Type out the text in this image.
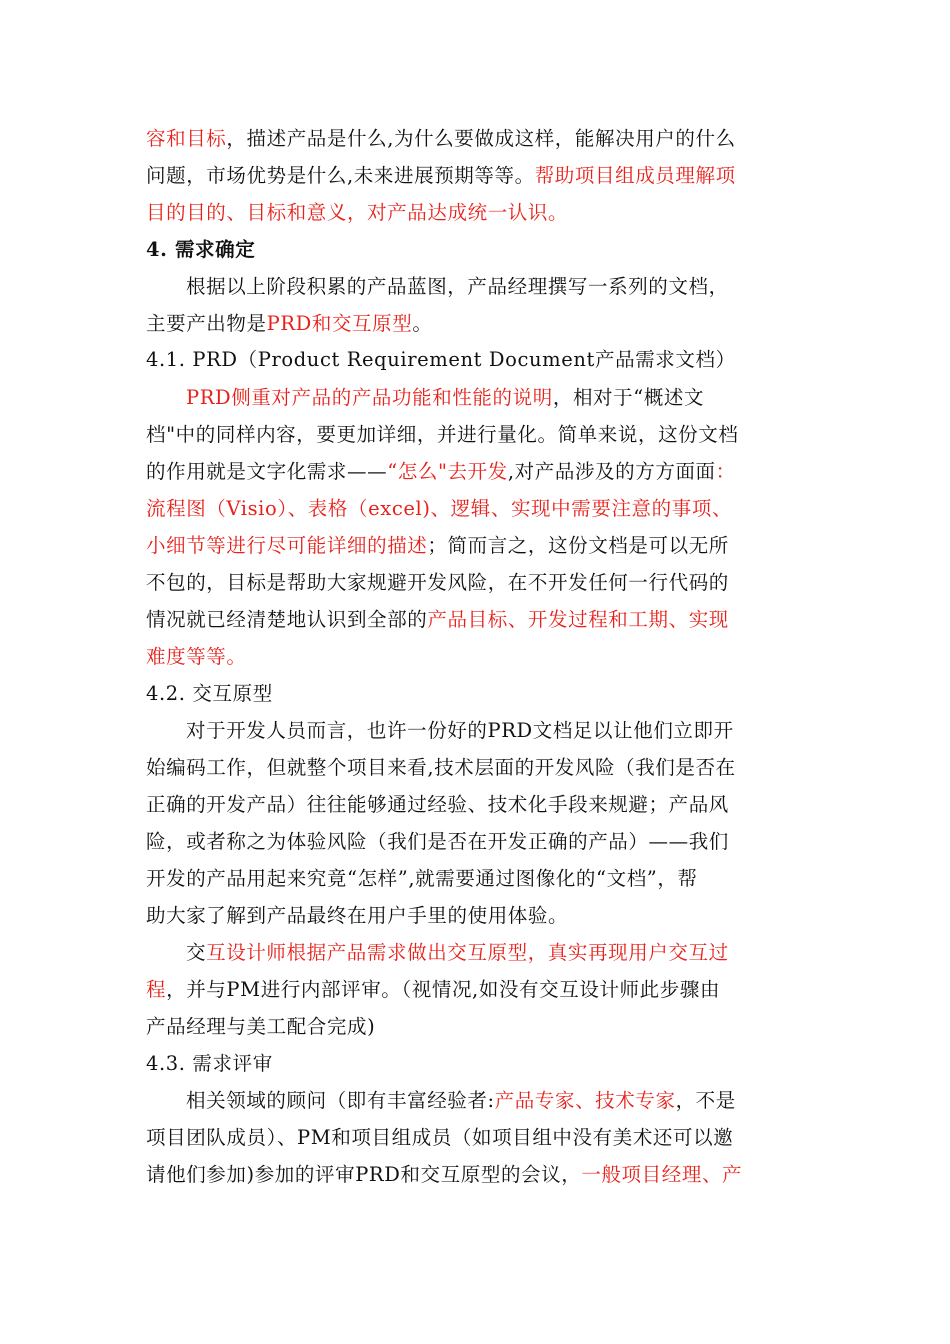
容和目标，描述产品是什么,为什么要做成这样，能解决用户的什么
问题，市场优势是什么,未来进展预期等等。帮助项目组成员理解项
目的目的、目标和意义，对产品达成统一认识。
4. 需求确定
根据以上阶段积累的产品蓝图，产品经理撰写一系列的文档，
主要产出物是PRD和交互原型。
4.1. PRD（Product Requirement Document产品需求文档）
PRD侧重对产品的产品功能和性能的说明，相对于“概述文
档"中的同样内容，要更加详细，并进行量化。简单来说，这份文档
的作用就是文字化需求——“怎么"去开发,对产品涉及的方方面面：
流程图（Visio）、表格（excel)、逻辑、实现中需要注意的事项、
小细节等进行尽可能详细的描述；简而言之，这份文档是可以无所
不包的，目标是帮助大家规避开发风险，在不开发任何一行代码的
情况就已经清楚地认识到全部的产品目标、开发过程和工期、实现
难度等等。
4.2. 交互原型
对于开发人员而言，也许一份好的PRD文档足以让他们立即开
始编码工作，但就整个项目来看,技术层面的开发风险（我们是否在
正确的开发产品）往往能够通过经验、技术化手段来规避；产品风
险，或者称之为体验风险（我们是否在开发正确的产品）——我们
开发的产品用起来究竟“怎样”,就需要通过图像化的“文档”，帮
助大家了解到产品最终在用户手里的使用体验。
交互设计师根据产品需求做出交互原型，真实再现用户交互过
程，并与PM进行内部评审。（视情况,如没有交互设计师此步骤由
产品经理与美工配合完成)
4.3. 需求评审
相关领域的顾问（即有丰富经验者:产品专家、技术专家，不是
项目团队成员）、PM和项目组成员（如项目组中没有美术还可以邀
请他们参加)参加的评审PRD和交互原型的会议，一般项目经理、产
